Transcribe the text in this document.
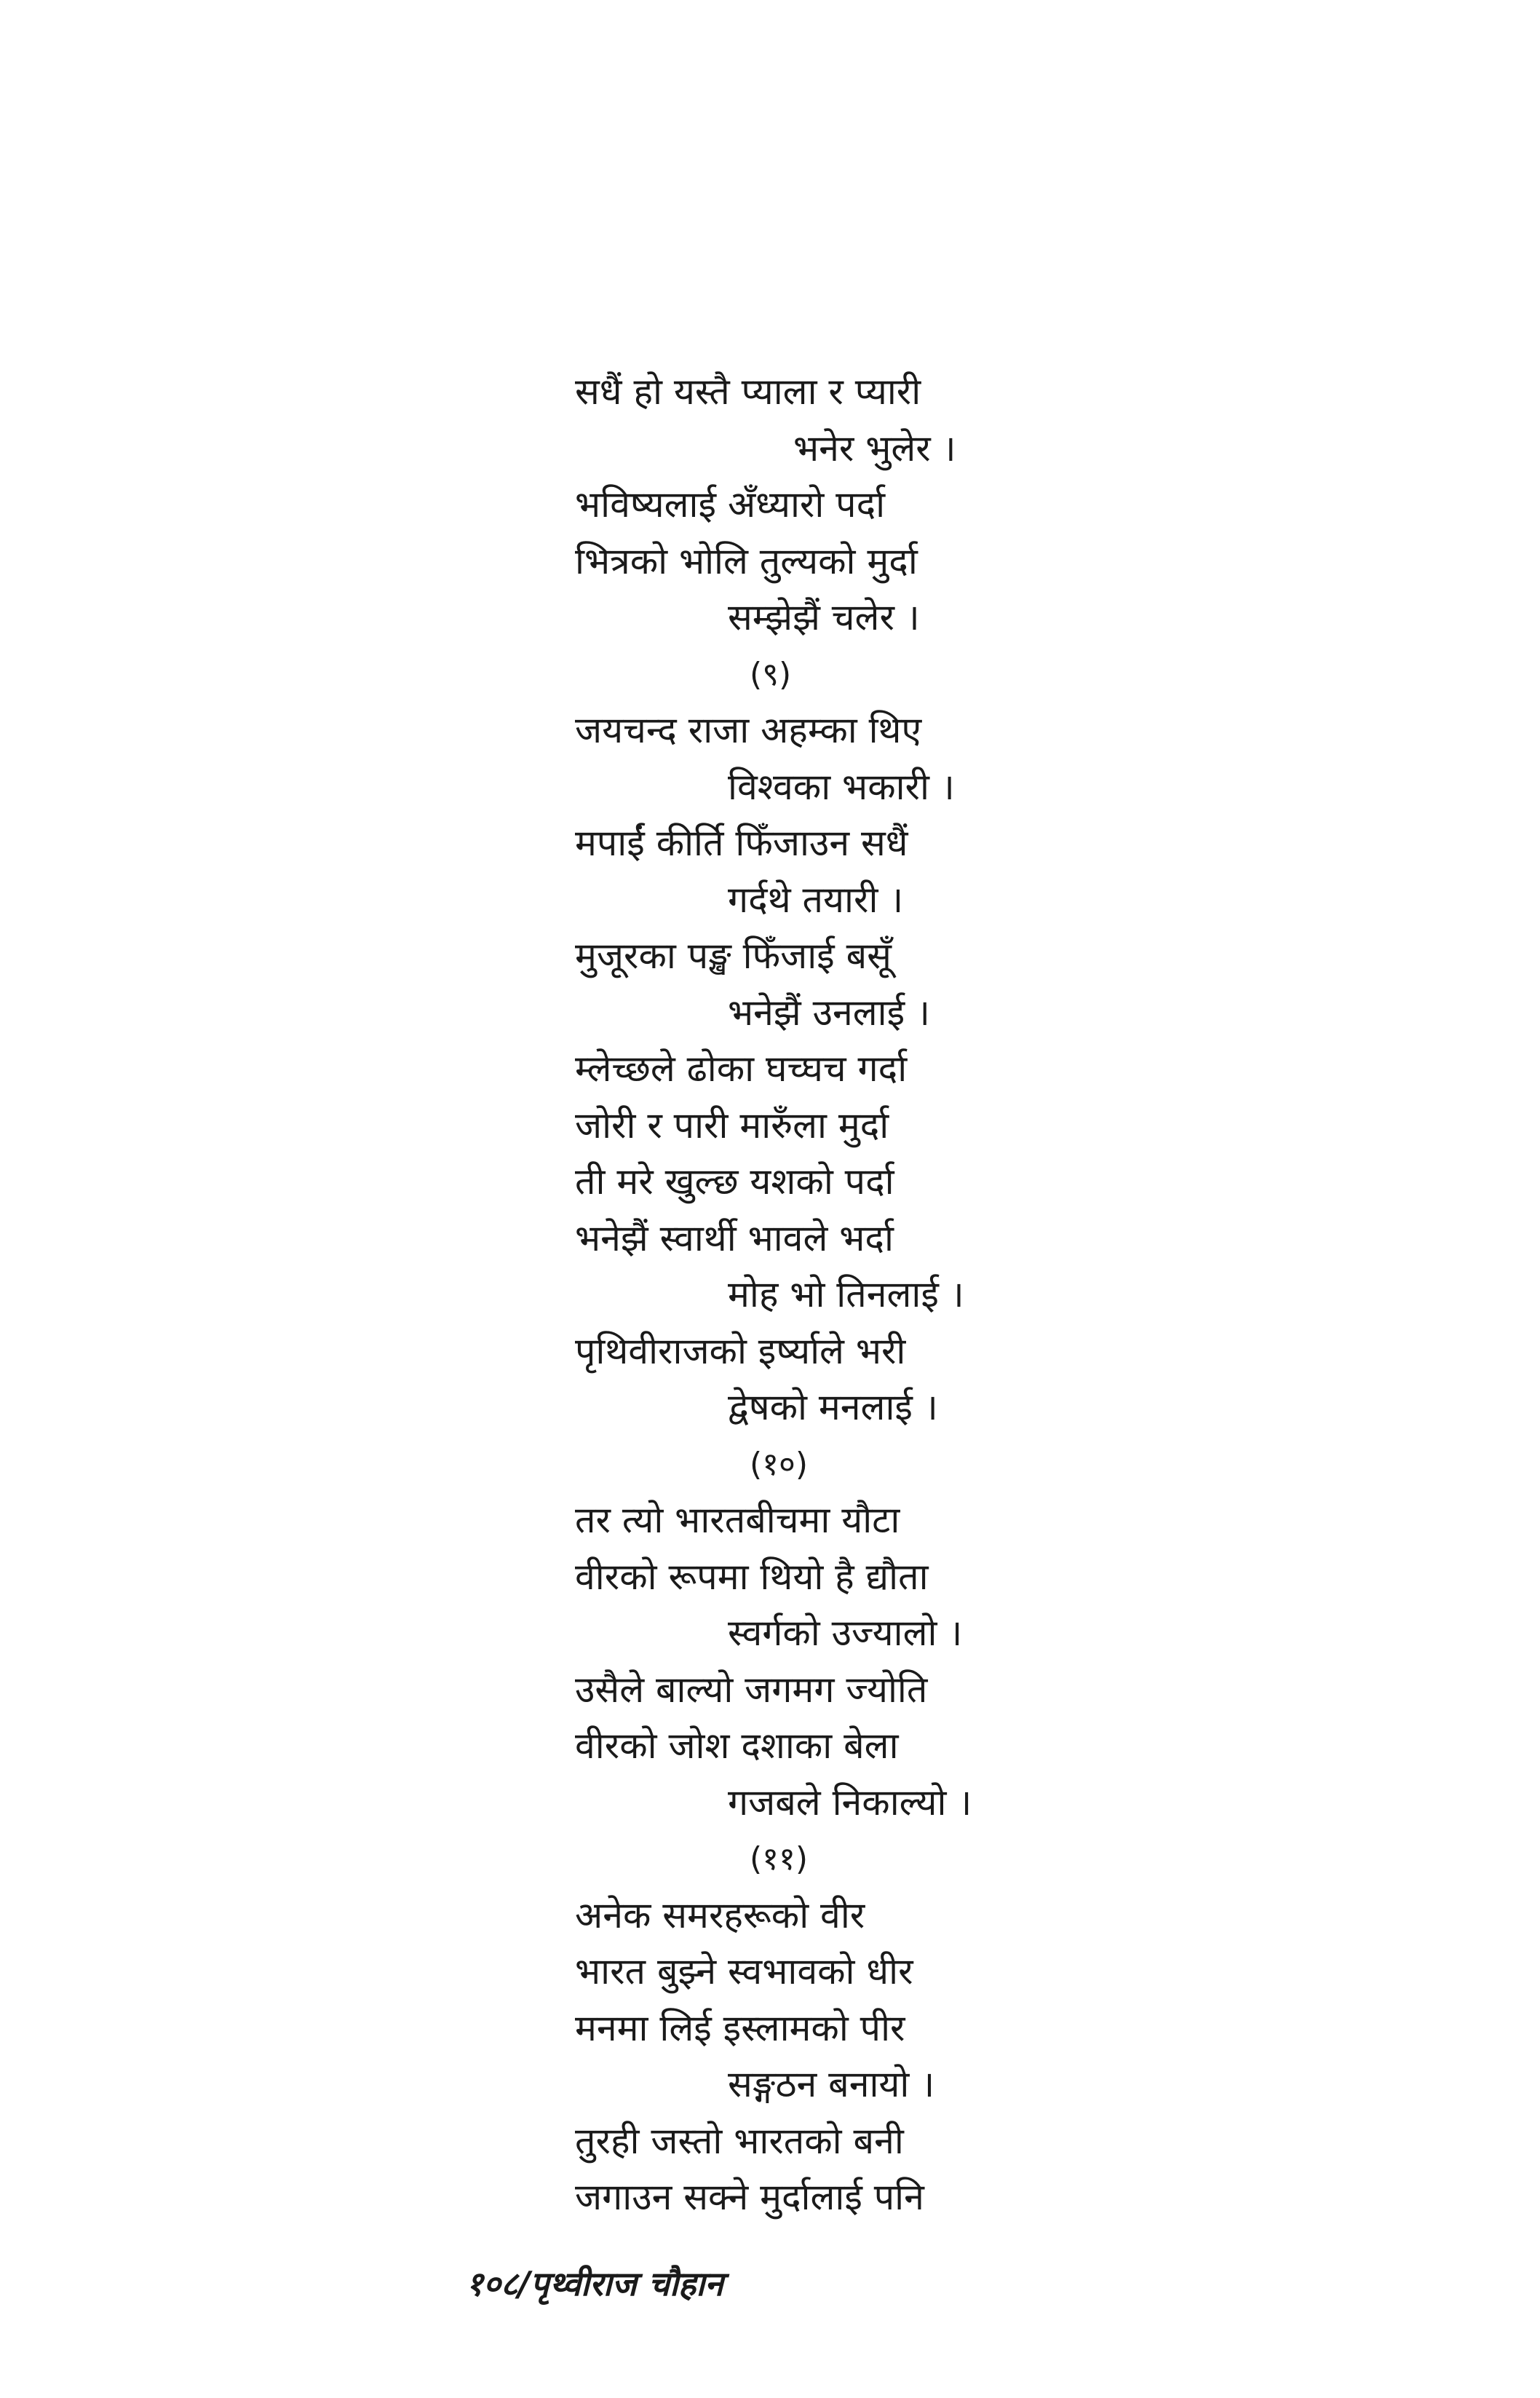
सधैं हो यस्तै प्याला र प्यारी
भनेर भुलेर ।
भविष्यलाई अँध्यारो पर्दा
भित्रको भोलि तुल्यको मुर्दा
सम्झेझैं चलेर ।
(९)
जयचन्द राजा अहम्का थिए
विश्वका भकारी ।
मपाईं कीर्ति फिँजाउन सधैं
गर्दथे तयारी ।
मुजूरका पङ्ख फिँजाई बसूँ
भनेझैं उनलाई ।
म्लेच्छले ढोका घच्घच गर्दा
जोरी र पारी मारुँला मुर्दा
ती मरे खुल्छ यशको पर्दा
भनेझैं स्वार्थी भावले भर्दा
मोह भो तिनलाई ।
पृथिवीराजको इर्ष्याले भरी
द्वेषको मनलाई ।
(१०)
तर त्यो भारतबीचमा यौटा
वीरको रूपमा थियो है द्यौता
स्वर्गको उज्यालो ।
उसैले बाल्यो जगमग ज्योति
वीरको जोश दशाका बेला
गजबले निकाल्यो ।
(११)
अनेक समरहरूको वीर
भारत बुझ्ने स्वभावको धीर
मनमा लिई इस्लामको पीर
सङ्गठन बनायो ।
तुरही जस्तो भारतको बनी
जगाउन सक्ने मुर्दालाई पनि
१०८/पृथ्वीराज चौहान
